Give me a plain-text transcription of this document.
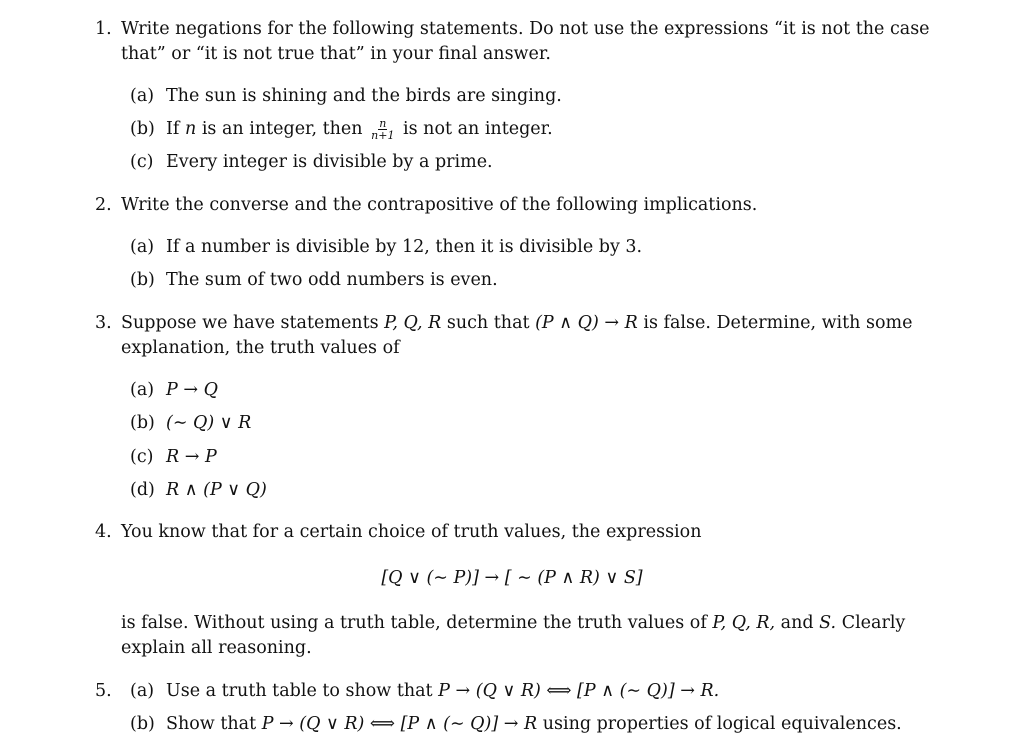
1. Write negations for the following statements. Do not use the expressions “it is not the case
that” or “it is not true that” in your final answer.
(a) The sun is shining and the birds are singing.
(b) If n is an integer, then $\frac{n}{n+1}$ is not an integer.
(c) Every integer is divisible by a prime.
2. Write the converse and the contrapositive of the following implications.
(a) If a number is divisible by 12, then it is divisible by 3.
(b) The sum of two odd numbers is even.
3. Suppose we have statements P, Q, R such that (P ∧ Q) → R is false. Determine, with some
explanation, the truth values of
(a) P → Q
(b) (∼ Q) ∨ R
(c) R → P
(d) R ∧ (P ∨ Q)
4. You know that for a certain choice of truth values, the expression
[Q ∨ (∼ P)] → [ ∼ (P ∧ R) ∨ S]
is false. Without using a truth table, determine the truth values of P, Q, R, and S. Clearly
explain all reasoning.
5. (a) Use a truth table to show that P → (Q ∨ R) ⟺ [P ∧ (∼ Q)] → R.
(b) Show that P → (Q ∨ R) ⟺ [P ∧ (∼ Q)] → R using properties of logical equivalences.
